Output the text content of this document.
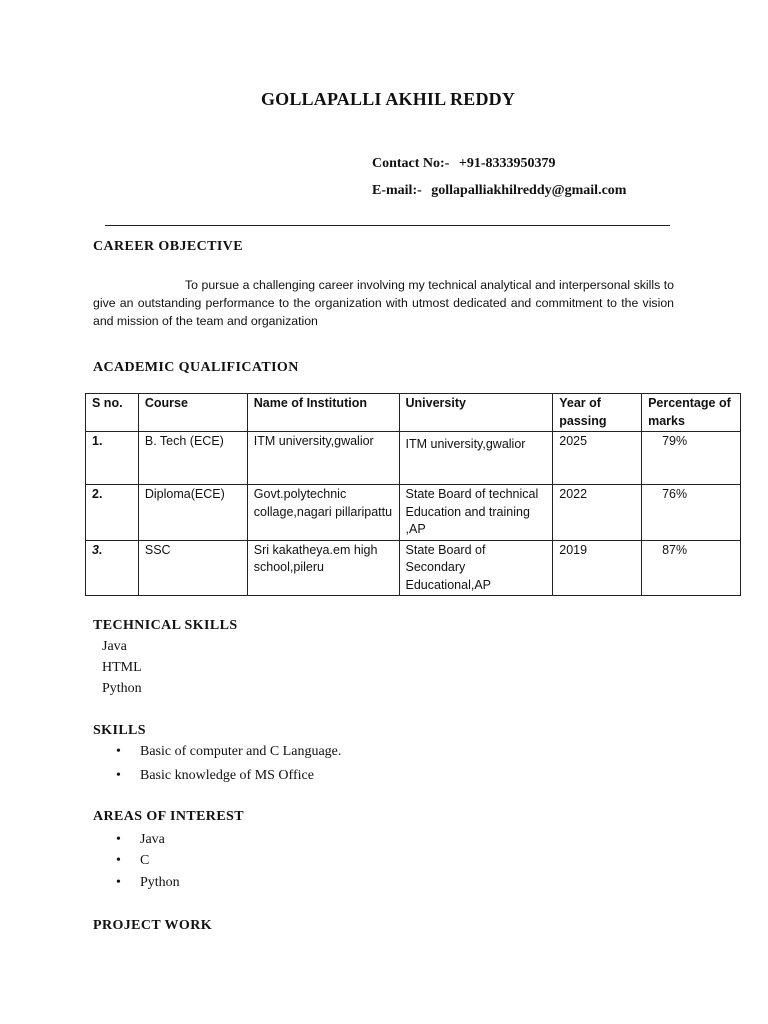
GOLLAPALLI AKHIL REDDY
Contact No:- +91-8333950379
E-mail:- gollapalliakhilreddy@gmail.com
CAREER OBJECTIVE
To pursue a challenging career involving my technical analytical and interpersonal skills to give an outstanding performance to the organization with utmost dedicated and commitment to the vision and mission of the team and organization
ACADEMIC QUALIFICATION
S no.	Course	Name of Institution	University	Year of passing	Percentage of marks
1.	B. Tech (ECE)	ITM university,gwalior	ITM university,gwalior	2025	79%
2.	Diploma(ECE)	Govt.polytechnic collage,nagari pillaripattu	State Board of technical Education and training ,AP	2022	76%
3.	SSC	Sri kakatheya.em high school,pileru	State Board of Secondary Educational,AP	2019	87%
TECHNICAL SKILLS
Java
HTML
Python
SKILLS
• Basic of computer and C Language.
• Basic knowledge of MS Office
AREAS OF INTEREST
• Java
• C
• Python
PROJECT WORK
